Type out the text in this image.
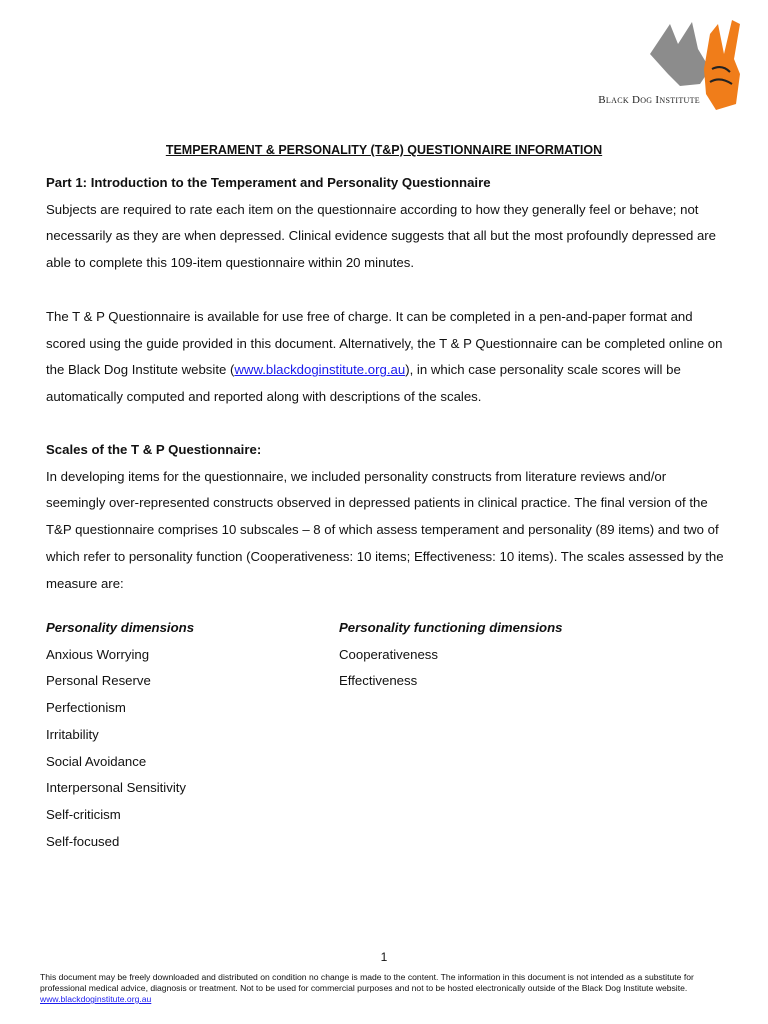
Black Dog Institute
TEMPERAMENT & PERSONALITY (T&P) QUESTIONNAIRE INFORMATION
Part 1: Introduction to the Temperament and Personality Questionnaire
Subjects are required to rate each item on the questionnaire according to how they generally feel or behave; not necessarily as they are when depressed. Clinical evidence suggests that all but the most profoundly depressed are able to complete this 109-item questionnaire within 20 minutes.
The T & P Questionnaire is available for use free of charge. It can be completed in a pen-and-paper format and scored using the guide provided in this document. Alternatively, the T & P Questionnaire can be completed online on the Black Dog Institute website (www.blackdoginstitute.org.au), in which case personality scale scores will be automatically computed and reported along with descriptions of the scales.
Scales of the T & P Questionnaire:
In developing items for the questionnaire, we included personality constructs from literature reviews and/or seemingly over-represented constructs observed in depressed patients in clinical practice. The final version of the T&P questionnaire comprises 10 subscales – 8 of which assess temperament and personality (89 items) and two of which refer to personality function (Cooperativeness: 10 items; Effectiveness: 10 items). The scales assessed by the measure are:
Personality dimensions
Anxious Worrying
Personal Reserve
Perfectionism
Irritability
Social Avoidance
Interpersonal Sensitivity
Self-criticism
Self-focused
Personality functioning dimensions
Cooperativeness
Effectiveness
1
This document may be freely downloaded and distributed on condition no change is made to the content. The information in this document is not intended as a substitute for professional medical advice, diagnosis or treatment. Not to be used for commercial purposes and not to be hosted electronically outside of the Black Dog Institute website.
www.blackdoginstitute.org.au
